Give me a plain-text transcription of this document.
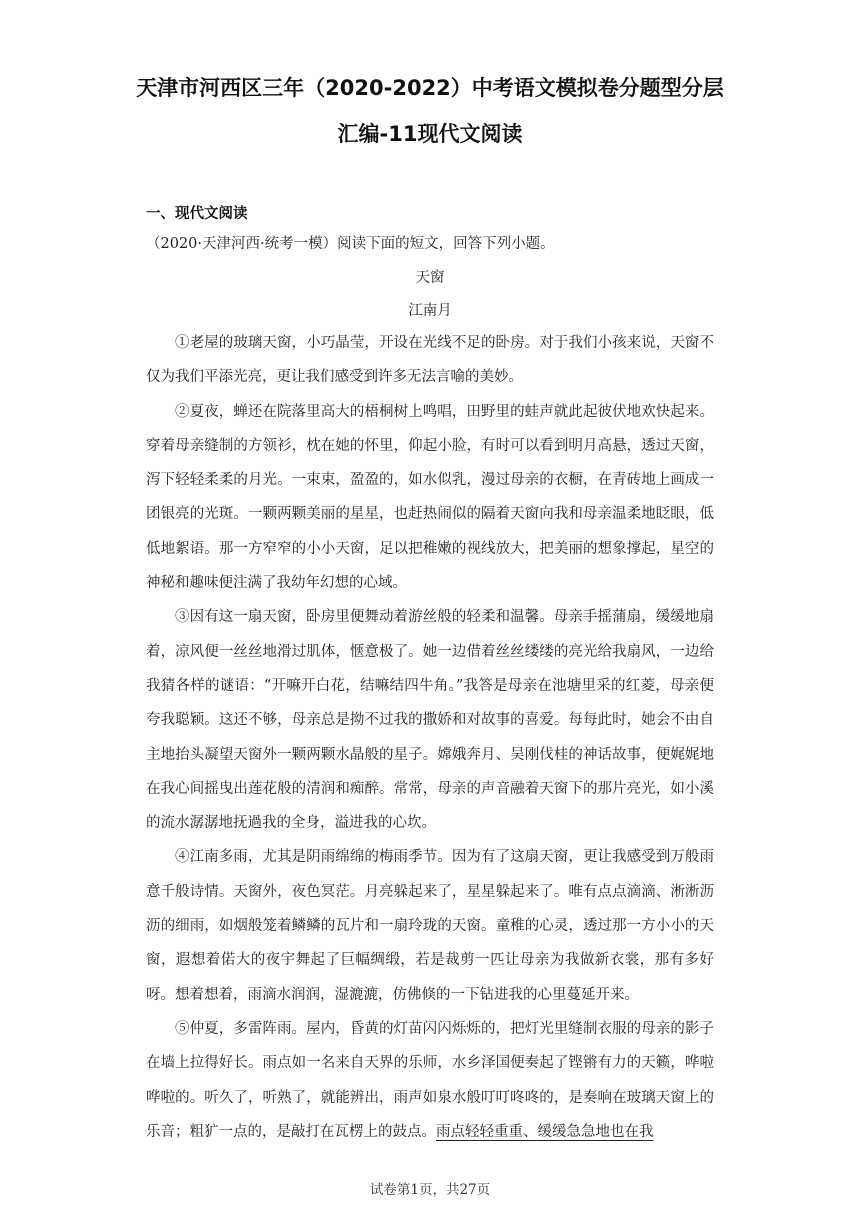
天津市河西区三年（2020-2022）中考语文模拟卷分题型分层
汇编-11现代文阅读
一、现代文阅读
（2020·天津河西·统考一模）阅读下面的短文，回答下列小题。
天窗
江南月

①老屋的玻璃天窗，小巧晶莹，开设在光线不足的卧房。对于我们小孩来说，天窗不仅为我们平添光亮，更让我们感受到许多无法言喻的美妙。

②夏夜，蝉还在院落里高大的梧桐树上鸣唱，田野里的蛙声就此起彼伏地欢快起来。穿着母亲缝制的方领衫，枕在她的怀里，仰起小脸，有时可以看到明月高悬，透过天窗，泻下轻轻柔柔的月光。一束束，盈盈的，如水似乳，漫过母亲的衣橱，在青砖地上画成一团银亮的光斑。一颗两颗美丽的星星，也赶热闹似的隔着天窗向我和母亲温柔地眨眼，低低地絮语。那一方窄窄的小小天窗，足以把稚嫩的视线放大，把美丽的想象撑起，星空的神秘和趣味便注满了我幼年幻想的心域。

③因有这一扇天窗，卧房里便舞动着游丝般的轻柔和温馨。母亲手摇蒲扇，缓缓地扇着，凉风便一丝丝地滑过肌体，惬意极了。她一边借着丝丝缕缕的亮光给我扇风，一边给我猜各样的谜语：“开嘛开白花，结嘛结四牛角。”我答是母亲在池塘里采的红菱，母亲便夸我聪颖。这还不够，母亲总是拗不过我的撒娇和对故事的喜爱。每每此时，她会不由自主地抬头凝望天窗外一颗两颗水晶般的星子。嫦娥奔月、吴刚伐桂的神话故事，便娓娓地在我心间摇曳出莲花般的清润和痴醉。常常，母亲的声音融着天窗下的那片亮光，如小溪的流水潺潺地抚過我的全身，溢进我的心坎。

④江南多雨，尤其是阴雨绵绵的梅雨季节。因为有了这扇天窗，更让我感受到万般雨意千般诗情。天窗外，夜色冥茫。月亮躲起来了，星星躲起来了。唯有点点滴滴、淅淅沥沥的细雨，如烟般笼着鳞鳞的瓦片和一扇玲珑的天窗。童稚的心灵，透过那一方小小的天窗，遐想着偌大的夜宇舞起了巨幅绸缎，若是裁剪一匹让母亲为我做新衣裳，那有多好呀。想着想着，雨滴水润润，湿漉漉，仿佛倏的一下钻进我的心里蔓延开来。

⑤仲夏，多雷阵雨。屋内，昏黄的灯苗闪闪烁烁的，把灯光里缝制衣服的母亲的影子在墙上拉得好长。雨点如一名来自天界的乐师，水乡泽国便奏起了铿锵有力的天籁，哗啦哗啦的。听久了，听熟了，就能辨出，雨声如泉水般叮叮咚咚的，是奏响在玻璃天窗上的乐音；粗犷一点的，是敲打在瓦楞上的鼓点。雨点轻轻重重、缓缓急急地也在我

试卷第1页，共27页
